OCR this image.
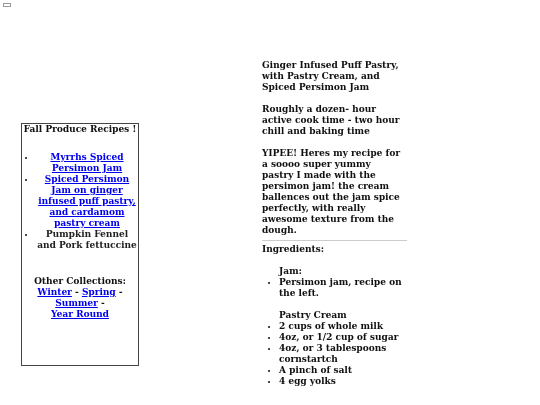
Fall Produce Recipes !
• Myrrhs Spiced Persimon Jam
• Spiced Persimon Jam on ginger infused puff pastry, and cardamom pastry cream
• Pumpkin Fennel and Pork fettuccine
Other Collections:
Winter - Spring - Summer -
Year Round

Ginger Infused Puff Pastry, with Pastry Cream, and Spiced Persimon Jam

Roughly a dozen- hour active cook time - two hour chill and baking time

YIPEE! Heres my recipe for a soooo super yummy pastry I made with the persimon jam! the cream ballences out the jam spice perfectly, with really awesome texture from the dough.

Ingredients:
Jam:
• Persimon jam, recipe on the left.
Pastry Cream
• 2 cups of whole milk
• 4oz, or 1/2 cup of sugar
• 4oz, or 3 tablespoons cornstartch
• A pinch of salt
• 4 egg yolks
